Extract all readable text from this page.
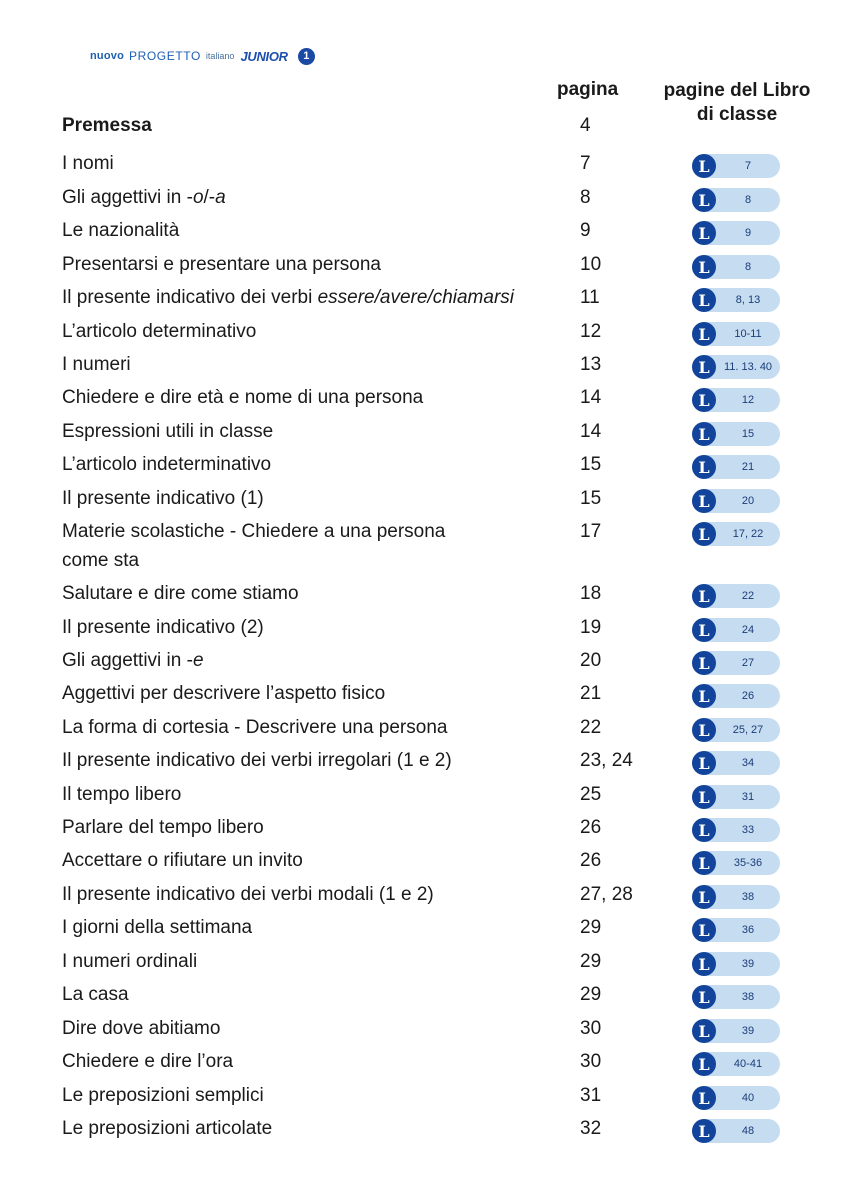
nuovo PROGETTO italiano JUNIOR	1
pagina pagine del Libro di classe
Premessa	4
I nomi	7	L	7
Gli aggettivi in -o/-a	8	L	8
Le nazionalità	9	L	9
Presentarsi e presentare una persona	10	L	8
Il presente indicativo dei verbi essere/avere/chiamarsi	11	L	8, 13
L’articolo determinativo	12	L	10-11
I numeri	13	L	11. 13. 40
Chiedere e dire età e nome di una persona	14	L	12
Espressioni utili in classe	14	L	15
L’articolo indeterminativo	15	L	21
Il presente indicativo (1)	15	L	20
Materie scolastiche - Chiedere a una persona
come sta
17	L	17, 22
Salutare e dire come stiamo	18	L	22
Il presente indicativo (2)	19	L	24
Gli aggettivi in -e	20	L	27
Aggettivi per descrivere l’aspetto fisico	21	L	26
La forma di cortesia - Descrivere una persona	22	L	25, 27
Il presente indicativo dei verbi irregolari (1 e 2)	23, 24	L	34
Il tempo libero	25	L	31
Parlare del tempo libero	26	L	33
Accettare o rifiutare un invito	26	L	35-36
Il presente indicativo dei verbi modali (1 e 2)	27, 28	L	38
I giorni della settimana	29	L	36
I numeri ordinali	29	L	39
La casa	29	L	38
Dire dove abitiamo	30	L	39
Chiedere e dire l’ora	30	L	40-41
Le preposizioni semplici	31	L	40
Le preposizioni articolate	32	L	48
